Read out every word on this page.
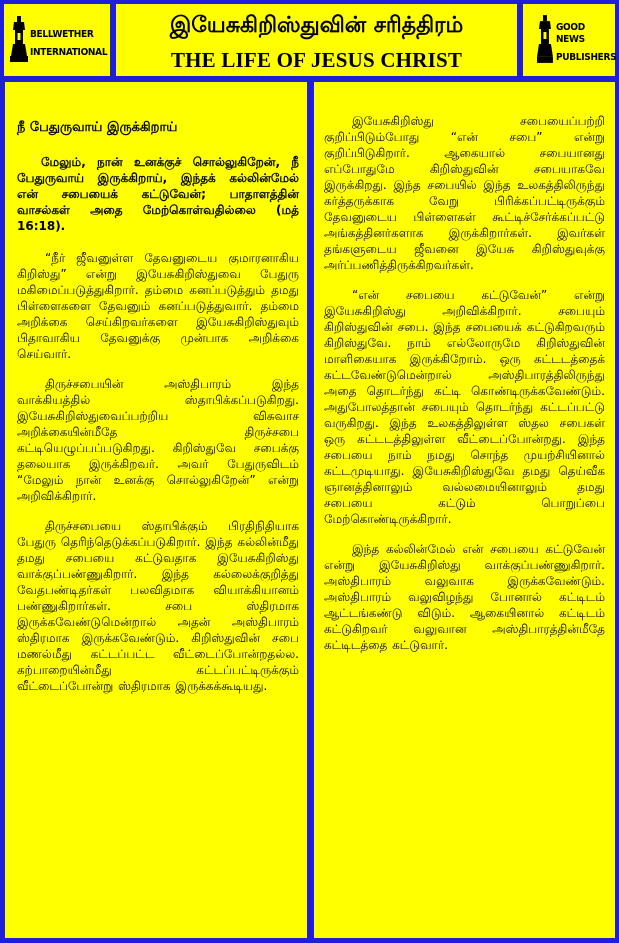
BELLWETHER
INTERNATIONAL
இயேசுகிறிஸ்துவின் சரித்திரம்
THE LIFE OF JESUS CHRIST
GOOD NEWS
PUBLISHERS
நீ பேதுருவாய் இருக்கிறாய்

மேலும், நான் உனக்குச் சொல்லுகிறேன், நீ பேதுருவாய் இருக்கிறாய், இந்தக் கல்லின்மேல் என் சபையைக் கட்டுவேன்; பாதாளத்தின் வாசல்கள் அதை மேற்கொள்வதில்லை (மத் 16:18).

“நீர் ஜீவனுள்ள தேவனுடைய குமாரனாகிய கிறிஸ்து” என்று இயேசுகிறிஸ்துவை பேதுரு மகிமைப்படுத்துகிறார். தம்மை கனப்படுத்தும் தமது பிள்ளைகளை தேவனும் கனப்படுத்துவார். தம்மை அறிக்கை செய்கிறவர்களை இயேசுகிறிஸ்துவும் பிதாவாகிய தேவனுக்கு முன்பாக அறிக்கை செய்வார்.

திருச்சபையின் அஸ்திபாரம் இந்த வாக்கியத்தில் ஸ்தாபிக்கப்படுகிறது. இயேசுகிறிஸ்துவைப்பற்றிய விசுவாச அறிக்கையின்மீதே திருச்சபை கட்டியெழுப்பப்படுகிறது. கிறிஸ்துவே சபைக்கு தலையாக இருக்கிறவர். அவர் பேதுருவிடம் “மேலும் நான் உனக்கு சொல்லுகிறேன்” என்று அறிவிக்கிறார்.

திருச்சபையை ஸ்தாபிக்கும் பிரதிநிதியாக பேதுரு தெரிந்தெடுக்கப்படுகிறார். இந்த கல்லின்மீது தமது சபையை கட்டுவதாக இயேசுகிறிஸ்து வாக்குப்பண்ணுகிறார். இந்த கல்லைக்குறித்து வேதபண்டிதர்கள் பலவிதமாக வியாக்கியானம் பண்ணுகிறார்கள். சபை ஸ்திரமாக இருக்கவேண்டுமென்றால் அதன் அஸ்திபாரம் ஸ்திரமாக இருக்கவேண்டும். கிறிஸ்துவின் சபை மணல்மீது கட்டப்பட்ட வீட்டைப்போன்றதல்ல. கற்பாறையின்மீது கட்டப்பட்டிருக்கும் வீட்டைப்போன்று ஸ்திரமாக இருக்கக்கூடியது.

இயேசுகிறிஸ்து சபையைப்பற்றி குறிப்பிடும்போது “என் சபை” என்று குறிப்பிடுகிறார். ஆகையால் சபையானது எப்போதுமே கிறிஸ்துவின் சபையாகவே இருக்கிறது. இந்த சபையில் இந்த உலகத்திலிருந்து கர்த்தருக்காக வேறு பிரிக்கப்பட்டிருக்கும் தேவனுடைய பிள்ளைகள் கூட்டிச்சேர்க்கப்பட்டு அங்கத்தினர்களாக இருக்கிறார்கள். இவர்கள் தங்களுடைய ஜீவனை இயேசு கிறிஸ்துவுக்கு அர்ப்பணித்திருக்கிறவர்கள்.

“என் சபையை கட்டுவேன்” என்று இயேசுகிறிஸ்து அறிவிக்கிறார். சபையும் கிறிஸ்துவின் சபை. இந்த சபையைக் கட்டுகிறவரும் கிறிஸ்துவே. நாம் எல்லோருமே கிறிஸ்துவின் மாளிகையாக இருக்கிறோம். ஒரு கட்டடத்தைக் கட்டவேண்டுமென்றால் அஸ்திபாரத்திலிருந்து அதை தொடர்ந்து கட்டி கொண்டிருக்கவேண்டும். அதுபோலத்தான் சபையும் தொடர்ந்து கட்டப்பட்டு வருகிறது. இந்த உலகத்திலுள்ள ஸ்தல சபைகள் ஒரு கட்டடத்திலுள்ள வீட்டைப்போன்றது. இந்த சபையை நாம் நமது சொந்த முயற்சியினால் கட்டமுடியாது. இயேசுகிறிஸ்துவே தமது தெய்வீக ஞானத்தினாலும் வல்லமையினாலும் தமது சபையை கட்டும் பொறுப்பை மேற்கொண்டிருக்கிறார்.

இந்த கல்லின்மேல் என் சபையை கட்டுவேன் என்று இயேசுகிறிஸ்து வாக்குப்பண்ணுகிறார். அஸ்திபாரம் வலுவாக இருக்கவேண்டும். அஸ்திபாரம் வலுவிழந்து போனால் கட்டிடம் ஆட்டங்கண்டு விடும். ஆகையினால் கட்டிடம் கட்டுகிறவர் வலுவான அஸ்திபாரத்தின்மீதே கட்டிடத்தை கட்டுவார்.
